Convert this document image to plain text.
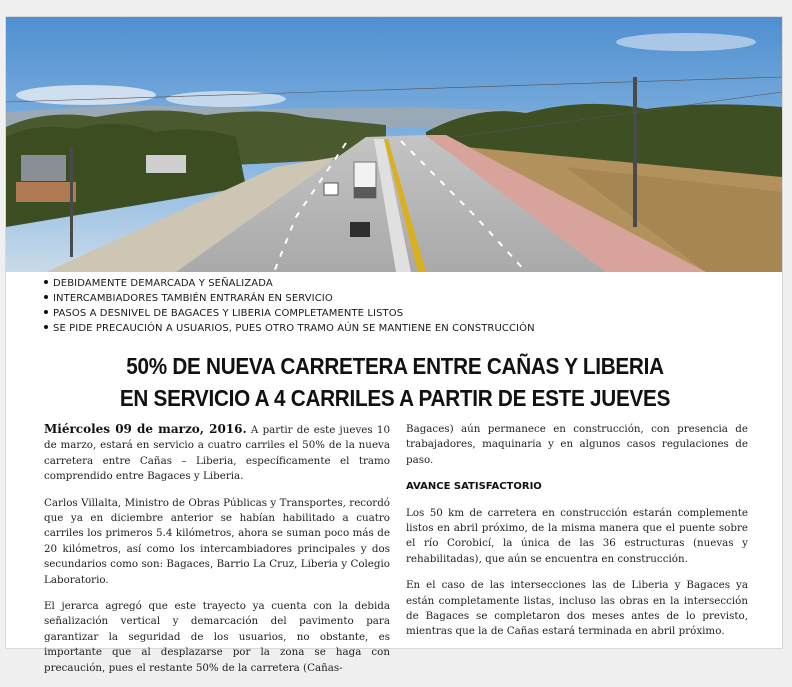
DEBIDAMENTE DEMARCADA Y SEÑALIZADA
INTERCAMBIADORES TAMBIÉN ENTRARÁN EN SERVICIO
PASOS A DESNIVEL DE BAGACES Y LIBERIA COMPLETAMENTE LISTOS
SE PIDE PRECAUCIÓN A USUARIOS, PUES OTRO TRAMO AÚN SE MANTIENE EN CONSTRUCCIÓN
50% DE NUEVA CARRETERA ENTRE CAÑAS Y LIBERIA
EN SERVICIO A 4 CARRILES A PARTIR DE ESTE JUEVES

Miércoles 09 de marzo, 2016. A partir de este jueves 10 de marzo, estará en servicio a cuatro carriles el 50% de la nueva carretera entre Cañas – Liberia, específicamente el tramo comprendido entre Bagaces y Liberia.

Carlos Villalta, Ministro de Obras Públicas y Transportes, recordó que ya en diciembre anterior se habían habilitado a cuatro carriles los primeros 5.4 kilómetros, ahora se suman poco más de 20 kilómetros, así como los intercambiadores principales y dos secundarios como son: Bagaces, Barrio La Cruz, Liberia y Colegio Laboratorio.

El jerarca agregó que este trayecto ya cuenta con la debida señalización vertical y demarcación del pavimento para garantizar la seguridad de los usuarios, no obstante, es importante que al desplazarse por la zona se haga con precaución, pues el restante 50% de la carretera (Cañas-

Bagaces) aún permanece en construcción, con presencia de trabajadores, maquinaria y en algunos casos regulaciones de paso.

AVANCE SATISFACTORIO

Los 50 km de carretera en construcción estarán complemente listos en abril próximo, de la misma manera que el puente sobre el río Corobicí, la única de las 36 estructuras (nuevas y rehabilitadas), que aún se encuentra en construcción.

En el caso de las intersecciones las de Liberia y Bagaces ya están completamente listas, incluso las obras en la intersección de Bagaces se completaron dos meses antes de lo previsto, mientras que la de Cañas estará terminada en abril próximo.
